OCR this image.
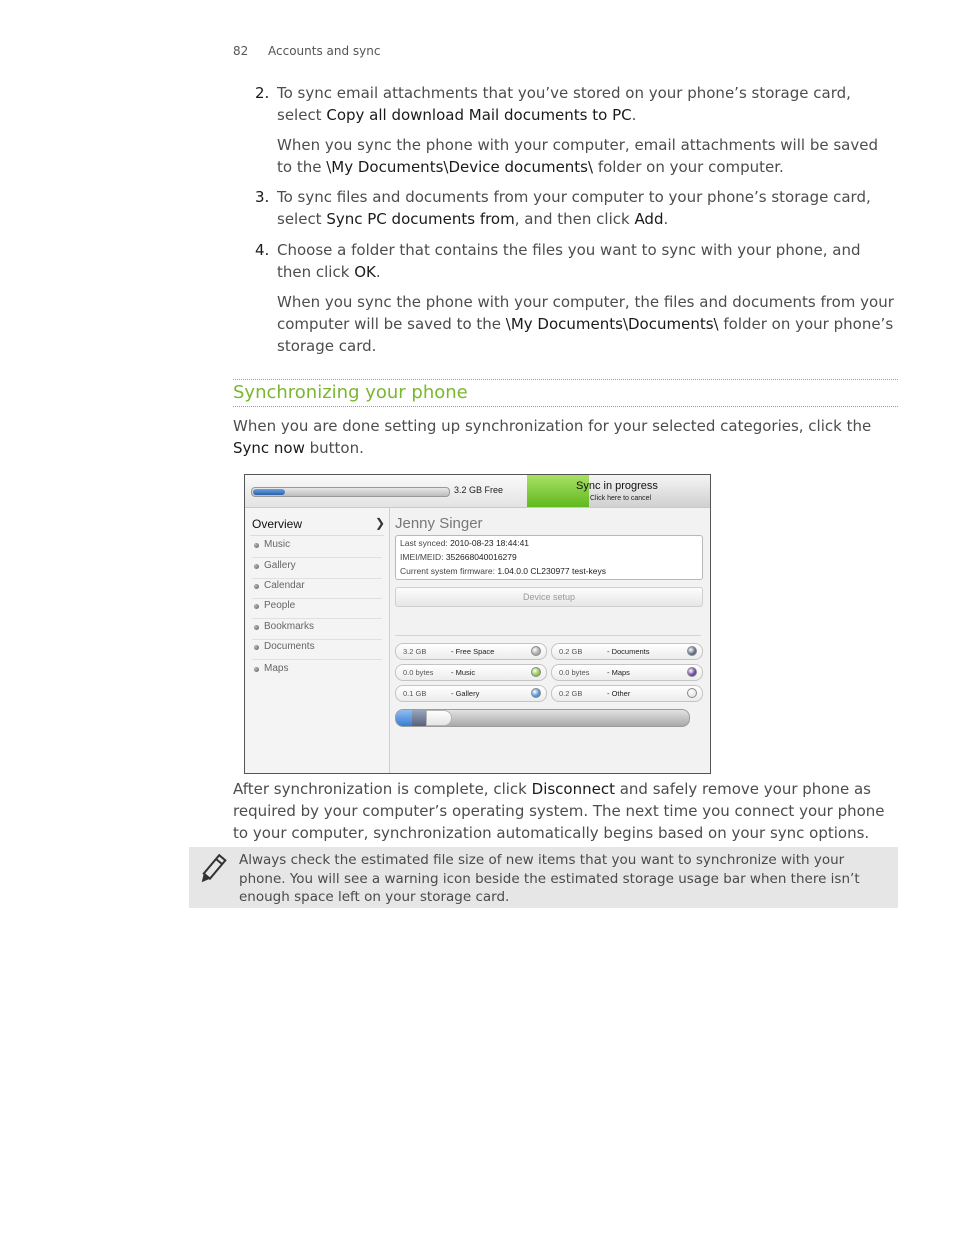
82 Accounts and sync
2. To sync email attachments that you’ve stored on your phone’s storage card, select Copy all download Mail documents to PC.
When you sync the phone with your computer, email attachments will be saved to the \My Documents\Device documents\ folder on your computer.
3. To sync files and documents from your computer to your phone’s storage card, select Sync PC documents from, and then click Add.
4. Choose a folder that contains the files you want to sync with your phone, and then click OK.
When you sync the phone with your computer, the files and documents from your computer will be saved to the \My Documents\Documents\ folder on your phone’s storage card.
Synchronizing your phone
When you are done setting up synchronization for your selected categories, click the Sync now button.
3.2 GB Free	Sync in progress
Click here to cancel
Overview	❯
Music
Gallery
Calendar
People
Bookmarks
Documents
Maps
Jenny Singer
Last synced: 2010-08-23 18:44:41
IMEI/MEID: 352668040016279
Current system firmware: 1.04.0.0 CL230977 test-keys
Device setup
3.2 GB	- Free Space	0.2 GB	- Documents
0.0 bytes - Music	0.0 bytes - Maps
0.1 GB	- Gallery	0.2 GB	- Other
After synchronization is complete, click Disconnect and safely remove your phone as required by your computer’s operating system. The next time you connect your phone to your computer, synchronization automatically begins based on your sync options.
Always check the estimated file size of new items that you want to synchronize with your phone. You will see a warning icon beside the estimated storage usage bar when there isn’t enough space left on your storage card.
